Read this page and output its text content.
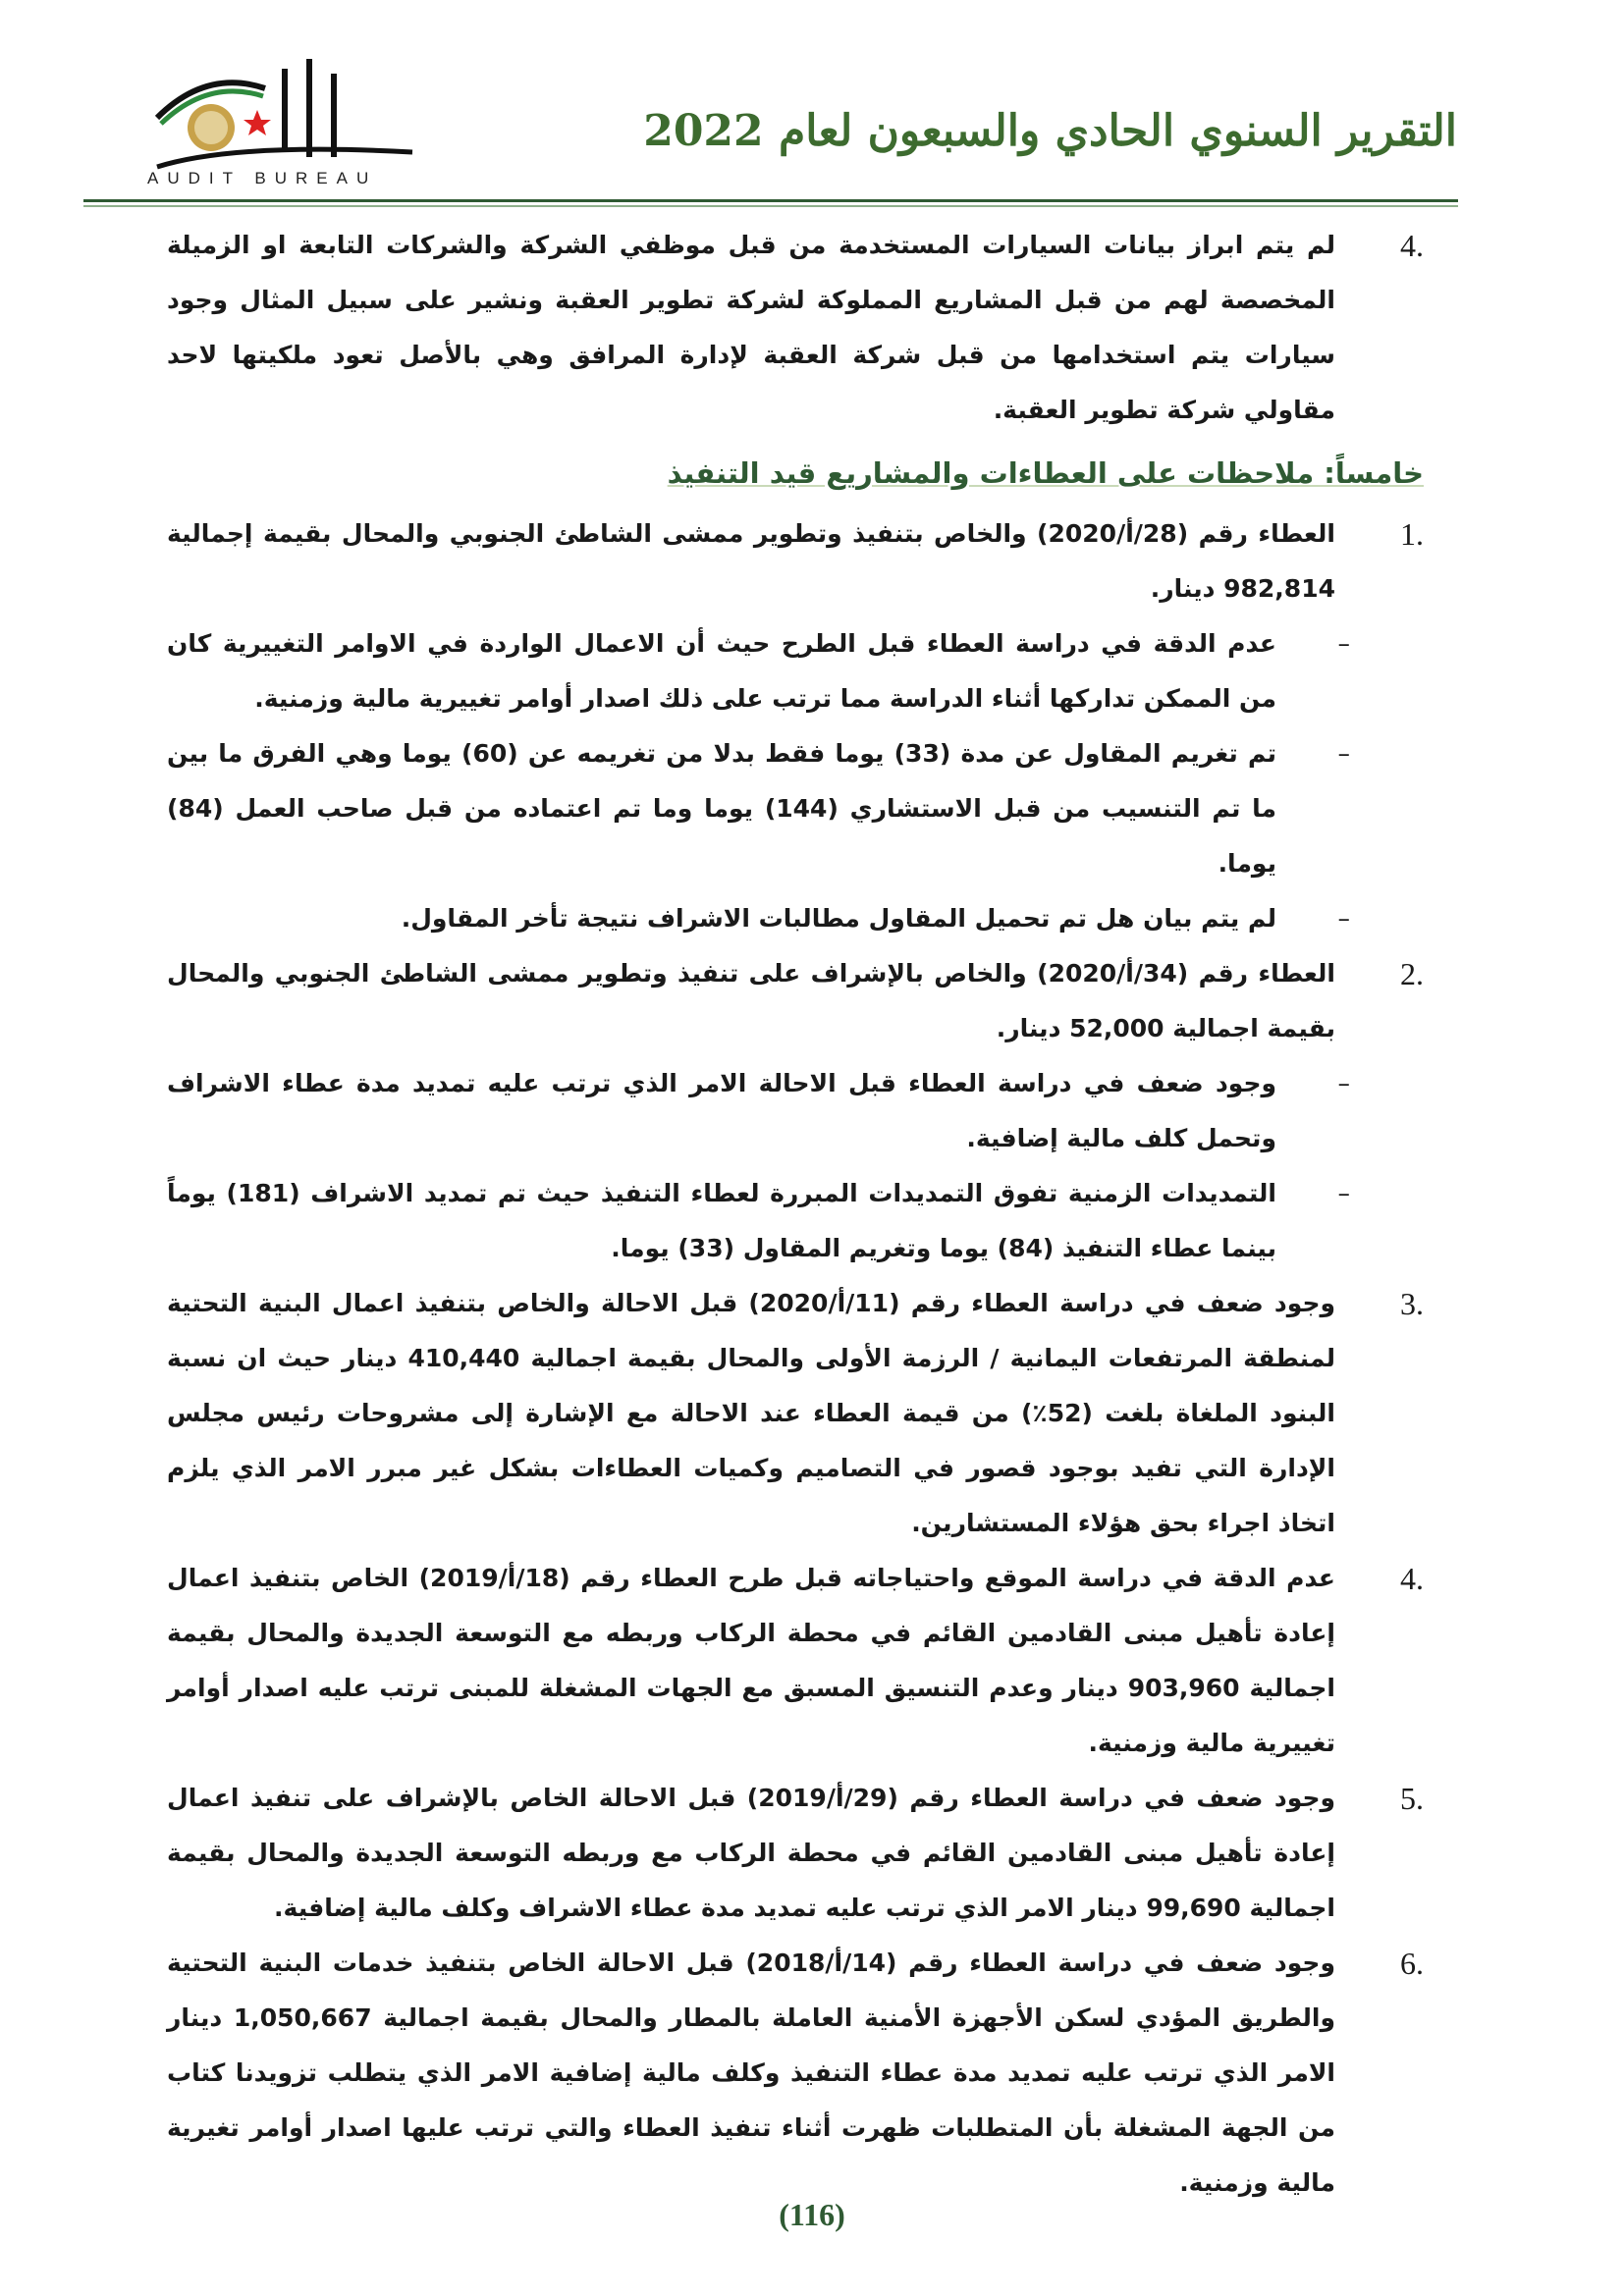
AUDIT BUREAU
التقرير السنوي الحادي والسبعون لعام 2022
4.
لم يتم ابراز بيانات السيارات المستخدمة من قبل موظفي الشركة والشركات التابعة او الزميلة المخصصة لهم من قبل المشاريع المملوكة لشركة تطوير العقبة ونشير على سبيل المثال وجود سيارات يتم استخدامها من قبل شركة العقبة لإدارة المرافق وهي بالأصل تعود ملكيتها لاحد مقاولي شركة تطوير العقبة.
خامساً: ملاحظات على العطاءات والمشاريع قيد التنفيذ
1.
العطاء رقم (28/أ/2020) والخاص بتنفيذ وتطوير ممشى الشاطئ الجنوبي والمحال بقيمة إجمالية 982,814 دينار.
–
عدم الدقة في دراسة العطاء قبل الطرح حيث أن الاعمال الواردة في الاوامر التغييرية كان من الممكن تداركها أثناء الدراسة مما ترتب على ذلك اصدار أوامر تغييرية مالية وزمنية.
–
تم تغريم المقاول عن مدة (33) يوما فقط بدلا من تغريمه عن (60) يوما وهي الفرق ما بين ما تم التنسيب من قبل الاستشاري (144) يوما وما تم اعتماده من قبل صاحب العمل (84) يوما.
–
لم يتم بيان هل تم تحميل المقاول مطالبات الاشراف نتيجة تأخر المقاول.
2.
العطاء رقم (34/أ/2020) والخاص بالإشراف على تنفيذ وتطوير ممشى الشاطئ الجنوبي والمحال بقيمة اجمالية 52,000 دينار.
–
وجود ضعف في دراسة العطاء قبل الاحالة الامر الذي ترتب عليه تمديد مدة عطاء الاشراف وتحمل كلف مالية إضافية.
–
التمديدات الزمنية تفوق التمديدات المبررة لعطاء التنفيذ حيث تم تمديد الاشراف (181) يوماً بينما عطاء التنفيذ (84) يوما وتغريم المقاول (33) يوما.
3.
وجود ضعف في دراسة العطاء رقم (11/أ/2020) قبل الاحالة والخاص بتنفيذ اعمال البنية التحتية لمنطقة المرتفعات اليمانية / الرزمة الأولى والمحال بقيمة اجمالية 410,440 دينار حيث ان نسبة البنود الملغاة بلغت (52٪) من قيمة العطاء عند الاحالة مع الإشارة إلى مشروحات رئيس مجلس الإدارة التي تفيد بوجود قصور في التصاميم وكميات العطاءات بشكل غير مبرر الامر الذي يلزم اتخاذ اجراء بحق هؤلاء المستشارين.
4.
عدم الدقة في دراسة الموقع واحتياجاته قبل طرح العطاء رقم (18/أ/2019) الخاص بتنفيذ اعمال إعادة تأهيل مبنى القادمين القائم في محطة الركاب وربطه مع التوسعة الجديدة والمحال بقيمة اجمالية 903,960 دينار وعدم التنسيق المسبق مع الجهات المشغلة للمبنى ترتب عليه اصدار أوامر تغييرية مالية وزمنية.
5.
وجود ضعف في دراسة العطاء رقم (29/أ/2019) قبل الاحالة الخاص بالإشراف على تنفيذ اعمال إعادة تأهيل مبنى القادمين القائم في محطة الركاب مع وربطه التوسعة الجديدة والمحال بقيمة اجمالية 99,690 دينار الامر الذي ترتب عليه تمديد مدة عطاء الاشراف وكلف مالية إضافية.
6.
وجود ضعف في دراسة العطاء رقم (14/أ/2018) قبل الاحالة الخاص بتنفيذ خدمات البنية التحتية والطريق المؤدي لسكن الأجهزة الأمنية العاملة بالمطار والمحال بقيمة اجمالية 1,050,667 دينار الامر الذي ترتب عليه تمديد مدة عطاء التنفيذ وكلف مالية إضافية الامر الذي يتطلب تزويدنا كتاب من الجهة المشغلة بأن المتطلبات ظهرت أثناء تنفيذ العطاء والتي ترتب عليها اصدار أوامر تغيرية مالية وزمنية.
(116)
